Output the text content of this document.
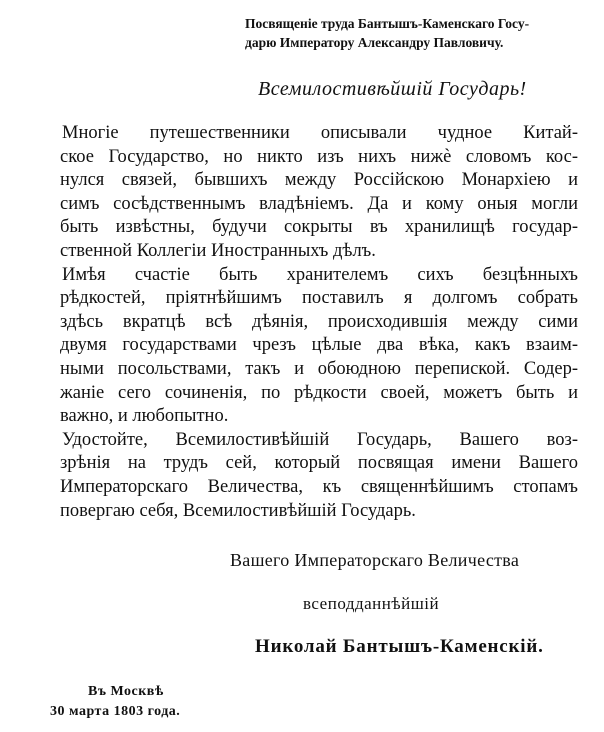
Посвященіе труда Бантышъ-Каменскаго Госу-

дарю Императору Александру Павловичу.
Всемилостивѣйшій Государь!

Многіе путешественники описывали чудное Китай-
ское Государство, но никто изъ нихъ нижѐ словомъ кос-
нулся связей, бывшихъ между Россійскою Монархіею и
симъ сосѣдственнымъ владѣніемъ. Да и кому оныя могли
быть извѣстны, будучи сокрыты въ хранилищѣ государ-
ственной Коллегіи Иностранныхъ дѣлъ.

Имѣя счастіе быть хранителемъ сихъ безцѣнныхъ
рѣдкостей, пріятнѣйшимъ поставилъ я долгомъ собрать
здѣсь вкратцѣ всѣ дѣянія, происходившія между сими
двумя государствами чрезъ цѣлые два вѣка, какъ взаим-
ными посольствами, такъ и обоюдною перепиской. Содер-
жаніе сего сочиненія, по рѣдкости своей, можетъ быть и
важно, и любопытно.

Удостойте, Всемилостивѣйшій Государь, Вашего воз-
зрѣнія на трудъ сей, который посвящая имени Вашего
Императорскаго Величества, къ священнѣйшимъ стопамъ
повергаю себя, Всемилостивѣйшій Государь.

Вашего Императорскаго Величества
всеподданнѣйшій
Николай Бантышъ-Каменскій.
Въ Москвѣ
30 марта 1803 года.
